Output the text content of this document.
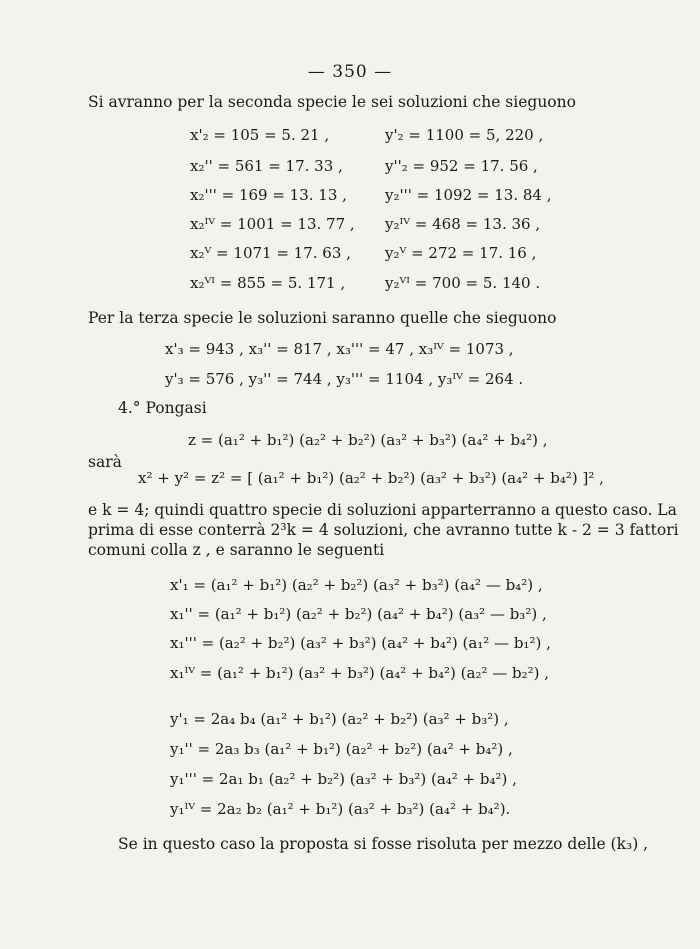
— 350 —
Si avranno per la seconda specie le sei soluzioni che sieguono
x'₂ = 105 = 5. 21 ,	y'₂ = 1100 = 5, 220 ,
x₂'' = 561 = 17. 33 ,	y''₂ = 952 = 17. 56 ,
x₂''' = 169 = 13. 13 ,	y₂''' = 1092 = 13. 84 ,
x₂ᴵⱽ = 1001 = 13. 77 , y₂ᴵⱽ = 468 = 13. 36 ,
x₂ⱽ = 1071 = 17. 63 , y₂ⱽ = 272 = 17. 16 ,
x₂ⱽᴵ = 855 = 5. 171 ,	y₂ⱽᴵ = 700 = 5. 140 .
Per la terza specie le soluzioni saranno quelle che sieguono
x'₃ = 943 , x₃'' = 817 , x₃''' = 47 , x₃ᴵⱽ = 1073 ,
y'₃ = 576 , y₃'' = 744 , y₃''' = 1104 , y₃ᴵⱽ = 264 .
4.° Pongasi
z = (a₁² + b₁²) (a₂² + b₂²) (a₃² + b₃²) (a₄² + b₄²) ,
sarà
x² + y² = z² = [ (a₁² + b₁²) (a₂² + b₂²) (a₃² + b₃²) (a₄² + b₄²) ]² ,
e k = 4; quindi quattro specie di soluzioni apparterranno a questo caso. La
prima di esse conterrà 2³k = 4 soluzioni, che avranno tutte k - 2 = 3 fattori
comuni colla z , e saranno le seguenti
x'₁ = (a₁² + b₁²) (a₂² + b₂²) (a₃² + b₃²) (a₄² — b₄²) ,
x₁'' = (a₁² + b₁²) (a₂² + b₂²) (a₄² + b₄²) (a₃² — b₃²) ,
x₁''' = (a₂² + b₂²) (a₃² + b₃²) (a₄² + b₄²) (a₁² — b₁²) ,
x₁ᴵⱽ = (a₁² + b₁²) (a₃² + b₃²) (a₄² + b₄²) (a₂² — b₂²) ,
y'₁ = 2a₄ b₄ (a₁² + b₁²) (a₂² + b₂²) (a₃² + b₃²) ,
y₁'' = 2a₃ b₃ (a₁² + b₁²) (a₂² + b₂²) (a₄² + b₄²) ,
y₁''' = 2a₁ b₁ (a₂² + b₂²) (a₃² + b₃²) (a₄² + b₄²) ,
y₁ᴵⱽ = 2a₂ b₂ (a₁² + b₁²) (a₃² + b₃²) (a₄² + b₄²).
Se in questo caso la proposta si fosse risoluta per mezzo delle (k₃) ,
